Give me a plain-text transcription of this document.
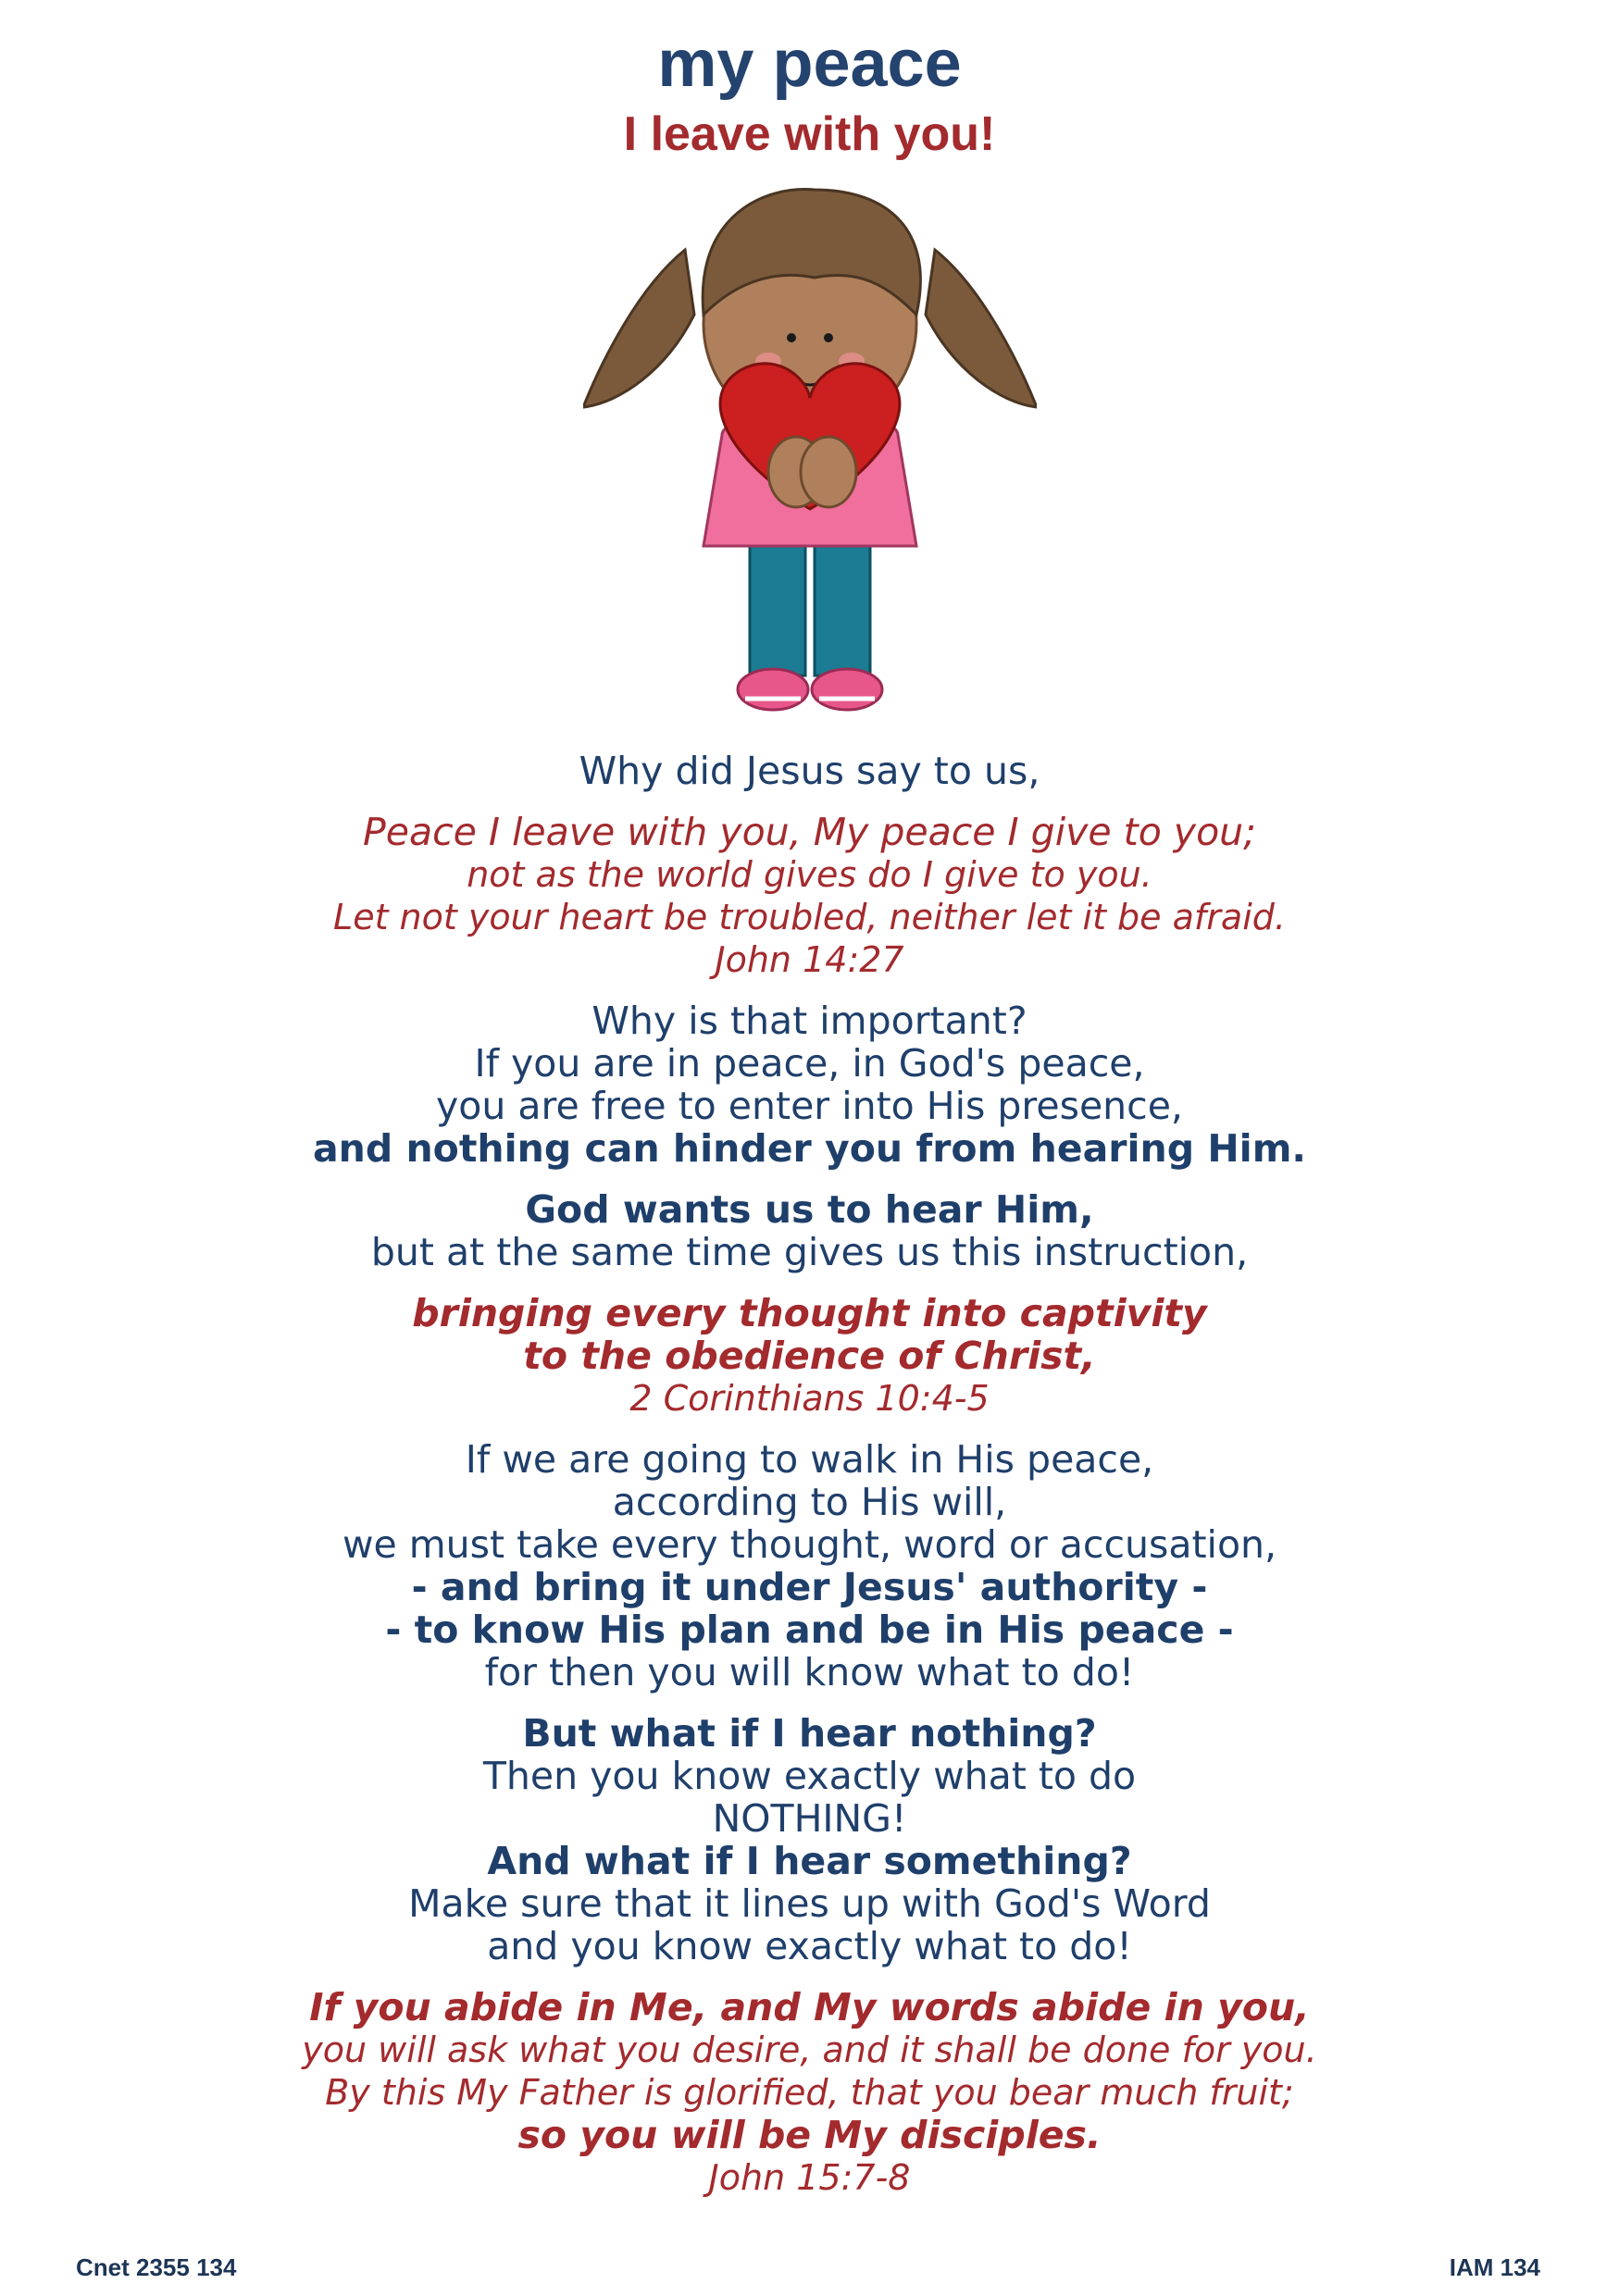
my peace
I leave with you!
Why did Jesus say to us,
Peace I leave with you, My peace I give to you;
not as the world gives do I give to you.
Let not your heart be troubled, neither let it be afraid.
John 14:27
Why is that important?
If you are in peace, in God's peace,
you are free to enter into His presence,
and nothing can hinder you from hearing Him.
God wants us to hear Him,
but at the same time gives us this instruction,
bringing every thought into captivity
to the obedience of Christ,
2 Corinthians 10:4-5
If we are going to walk in His peace,
according to His will,
we must take every thought, word or accusation,
- and bring it under Jesus' authority -
- to know His plan and be in His peace -
for then you will know what to do!
But what if I hear nothing?
Then you know exactly what to do
NOTHING!
And what if I hear something?
Make sure that it lines up with God's Word
and you know exactly what to do!
If you abide in Me, and My words abide in you,
you will ask what you desire, and it shall be done for you.
By this My Father is glorified, that you bear much fruit;
so you will be My disciples.
John 15:7-8
Cnet 2355 134	IAM 134
